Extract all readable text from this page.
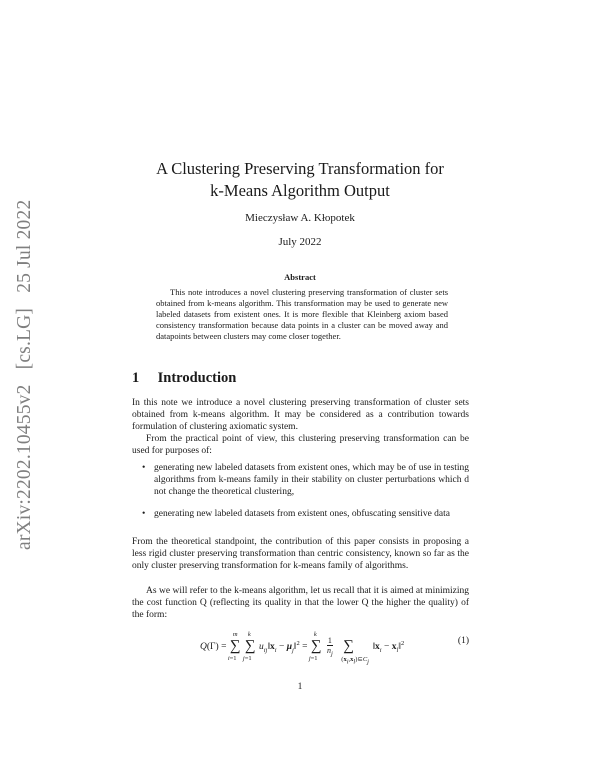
arXiv:2202.10455v2 [cs.LG] 25 Jul 2022
A Clustering Preserving Transformation for
k-Means Algorithm Output
Mieczysław A. Kłopotek
July 2022
Abstract

This note introduces a novel clustering preserving transformation of cluster sets obtained from k-means algorithm. This transformation may be used to generate new labeled datasets from existent ones. It is more flexible that Kleinberg axiom based consistency transformation because data points in a cluster can be moved away and datapoints between clusters may come closer together.

1 Introduction

In this note we introduce a novel clustering preserving transformation of cluster sets obtained from k-means algorithm. It may be considered as a contribution towards formulation of clustering axiomatic system.

From the practical point of view, this clustering preserving transformation can be used for purposes of:

• generating new labeled datasets from existent ones, which may be of use in testing algorithms from k-means family in their stability on cluster perturbations which d not change the theoretical clustering,
• generating new labeled datasets from existent ones, obfuscating sensitive data

From the theoretical standpoint, the contribution of this paper consists in proposing a less rigid cluster preserving transformation than centric consistency, known so far as the only cluster preserving transformation for k-means family of algorithms.

As we will refer to the k-means algorithm, let us recall that it is aimed at minimizing the cost function Q (reflecting its quality in that the lower Q the higher the quality) of the form:

Q(Γ) = ∑
m
i=1
∑
k
j=1
$u_{ij}‖x_i$ − $\mu_j‖^2$ = ∑
k
j=1

$\frac{1}{n_j}$ ∑
$(x_i,x_l)⊆C_j$
$‖x_i$ − $x_l‖^2$	(1)
1
